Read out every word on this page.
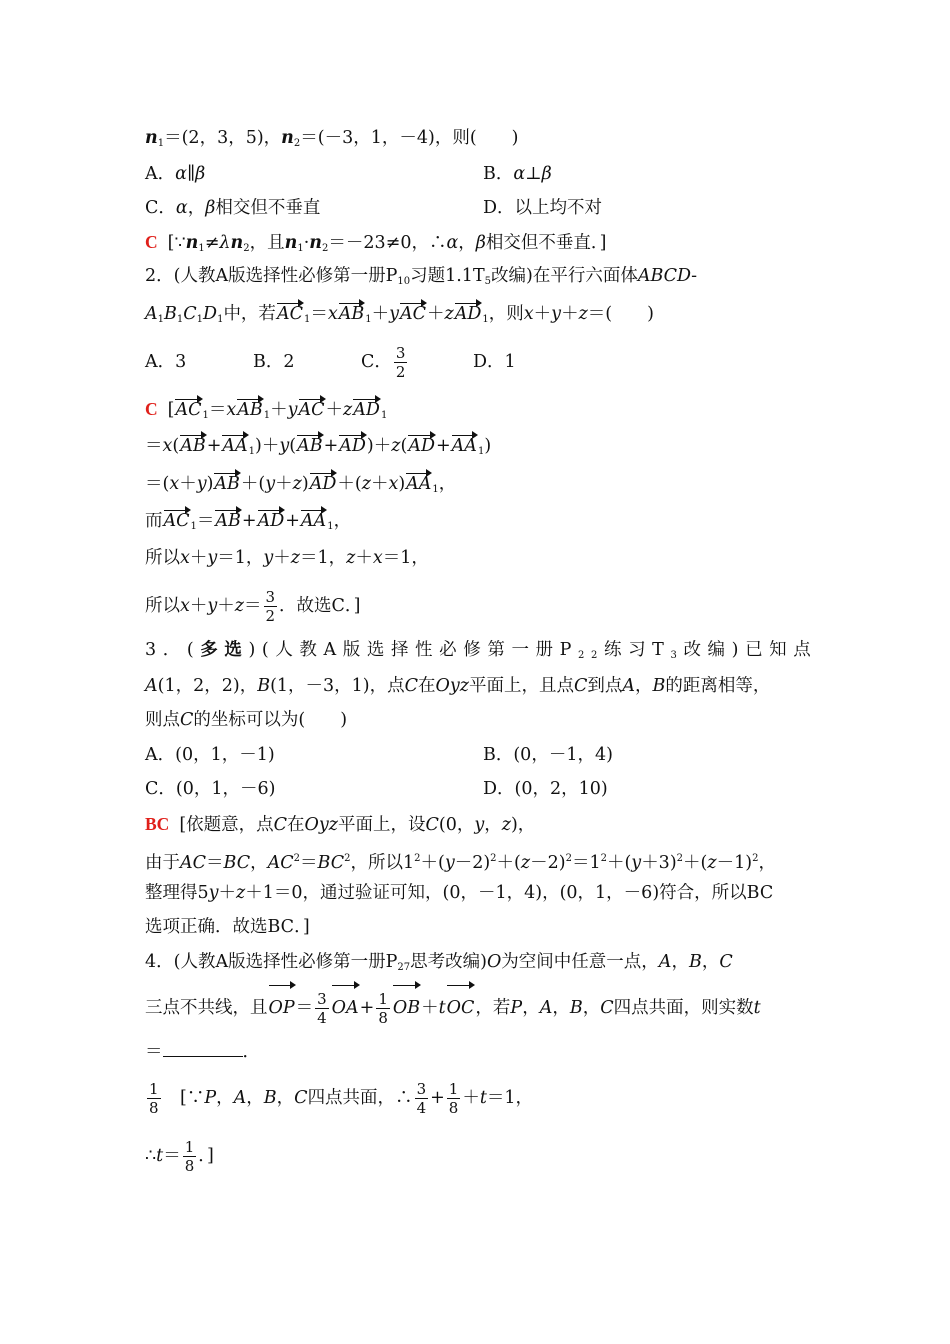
$n_1=(2$，3，5)，$n_2=(-3$，1，－4)，则(　　)
A．α∥β	B．α⊥β
C．α，β相交但不垂直	D．以上均不对
C [$\because n_1\ne\lambda n_2$，且$n_1\cdot n_2=-23\ne 0$，∴α，β相交但不垂直．]
2．(人教A版选择性必修第一册$P_{10}$习题$1.1T_5$改编)在平行六面体ABCD-
$A_1B_1C_1D_1$中，若$AC_1=xAB_1+yAC+zAD_1$，则x＋y＋z＝(　　)
A．3	B．2	C． $\frac{3}{2}$	D．1
C [$AC_1=xAB_1+yAC+zAD_1$
$=x(AB+AA_1)+y(AB+AD)+z(AD+AA_1)$
$=(x+y)AB+(y+z)AD+(z+x)AA_1$，
而$AC_1=AB+AD+AA_1$，
所以x＋y＝1，y＋z＝1，z＋x＝1，
所以$x+y+z= \frac{3}{2}$ ．故选C．]
3．(多选)(人教A版选择性必修第一册$P_{22}$练习$T_3$改编)已知点
A(1，2，2)，B(1，－3，1)，点C在Oyz平面上，且点C到点A，B的距离相等，
则点C的坐标可以为(　　)
A．(0，1，－1)	B．(0，－1，4)
C．(0，1，－6)	D．(0，2，10)
BC [依题意，点C在Oyz平面上，设C(0，y，z)，
由于AC＝BC，$AC^2=BC^2$，所以$1^2+(y-2)^2+(z-2)^2=1^2+(y+3)^2+(z-1)^2$，
整理得5y＋z＋1＝0，通过验证可知，(0，－1，4)，(0，1，－6)符合，所以BC
选项正确．故选BC．]
4．(人教A版选择性必修第一册$P_{27}$思考改编)O为空间中任意一点，A，B，C
三点不共线，且$OP= \frac{3}{4} OA+ \frac{1}{8} OB+tOC$，若P，A，B，C四点共面，则实数t
＝	．
$\frac{1}{8}$ 　[∵P，A，B，C四点共面，∴ $\frac{3}{4} + \frac{1}{8} +t=1$，
∴t＝ $\frac{1}{8}$ ．]
